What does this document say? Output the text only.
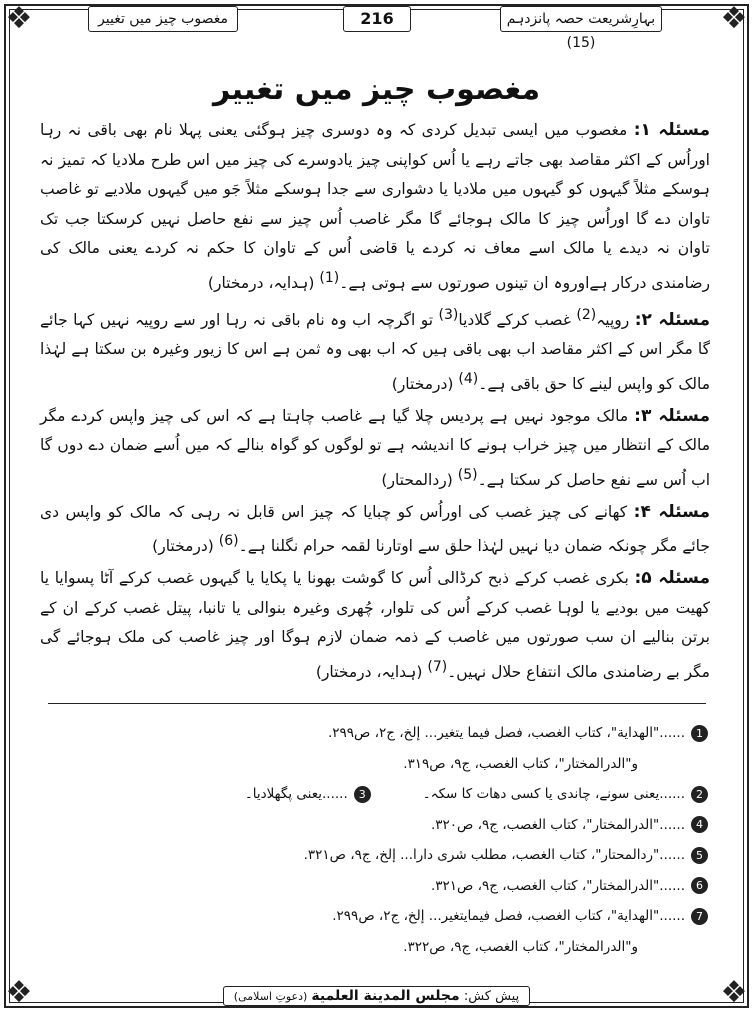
❖	❖
❖	❖
مغصوب چیز میں تغییر	216	بہارِشریعت حصہ پانزدہم (15)
مغصوب چیز میں تغییر

مسئلہ ۱: مغصوب میں ایسی تبدیل کردی کہ وہ دوسری چیز ہوگئی یعنی پہلا نام بھی باقی نہ رہا اوراُس کے اکثر مقاصد بھی جاتے رہے یا اُس کواپنی چیز یادوسرے کی چیز میں اس طرح ملادیا کہ تمیز نہ ہوسکے مثلاً گیہوں کو گیہوں میں ملادیا یا دشواری سے جدا ہوسکے مثلاً جَو میں گیہوں ملادیے تو غاصب تاوان دے گا اوراُس چیز کا مالک ہوجائے گا مگر غاصب اُس چیز سے نفع حاصل نہیں کرسکتا جب تک تاوان نہ دیدے یا مالک اسے معاف نہ کردے یا قاضی اُس کے تاوان کا حکم نہ کردے یعنی مالک کی رضامندی درکار ہےاوروہ ان تینوں صورتوں سے ہوتی ہے۔$^{(1)}$ (ہدایہ، درمختار)

مسئلہ ۲: روپیہ$^{(2)}$ غصب کرکے گلادیا$^{(3)}$ تو اگرچہ اب وہ نام باقی نہ رہا اور سے روپیہ نہیں کہا جائے گا مگر اس کے اکثر مقاصد اب بھی باقی ہیں کہ اب بھی وہ ثمن ہے اس کا زیور وغیرہ بن سکتا ہے لہٰذا مالک کو واپس لینے کا حق باقی ہے۔$^{(4)}$ (درمختار)

مسئلہ ۳: مالک موجود نہیں ہے پردیس چلا گیا ہے غاصب چاہتا ہے کہ اس کی چیز واپس کردے مگر مالک کے انتظار میں چیز خراب ہونے کا اندیشہ ہے تو لوگوں کو گواہ بنالے کہ میں اُسے ضمان دے دوں گا اب اُس سے نفع حاصل کر سکتا ہے۔$^{(5)}$ (ردالمحتار)

مسئلہ ۴: کھانے کی چیز غصب کی اوراُس کو چبایا کہ چیز اس قابل نہ رہی کہ مالک کو واپس دی جائے مگر چونکہ ضمان دیا نہیں لہٰذا حلق سے اوتارنا لقمہ حرام نگلنا ہے۔$^{(6)}$ (درمختار)

مسئلہ ۵: بکری غصب کرکے ذبح کرڈالی اُس کا گوشت بھونا یا پکایا یا گیہوں غصب کرکے آٹا پسوایا یا کھیت میں بودیے یا لوہا غصب کرکے اُس کی تلوار، چُھری وغیرہ بنوالی یا تانبا، پیتل غصب کرکے ان کے برتن بنالیے ان سب صورتوں میں غاصب کے ذمہ ضمان لازم ہوگا اور چیز غاصب کی ملک ہوجائے گی مگر بے رضامندی مالک انتفاع حلال نہیں۔$^{(7)}$ (ہدایہ، درمختار)

1
......"الهداية"، كتاب الغصب، فصل فيما يتغير... إلخ، ج۲، ص۲۹۹.
و"الدرالمختار"، كتاب الغصب، ج۹، ص۳۱۹.
2
......یعنی سونے، چاندی یا کسی دھات کا سکہ۔
3
......یعنی پگھلادیا۔
4
......"الدرالمختار"، كتاب الغصب، ج۹، ص۳۲۰.
5
......"ردالمحتار"، كتاب الغصب، مطلب شرى دارا... إلخ، ج۹، ص۳۲۱.
6
......"الدرالمختار"، كتاب الغصب، ج۹، ص۳۲۱.
7
......"الهداية"، كتاب الغصب، فصل فيمايتغير... إلخ، ج۲، ص۲۹۹.
و"الدرالمختار"، كتاب الغصب، ج۹، ص۳۲۲.
پیش کش: مجلس المدينة العلمية (دعوتِ اسلامی)
